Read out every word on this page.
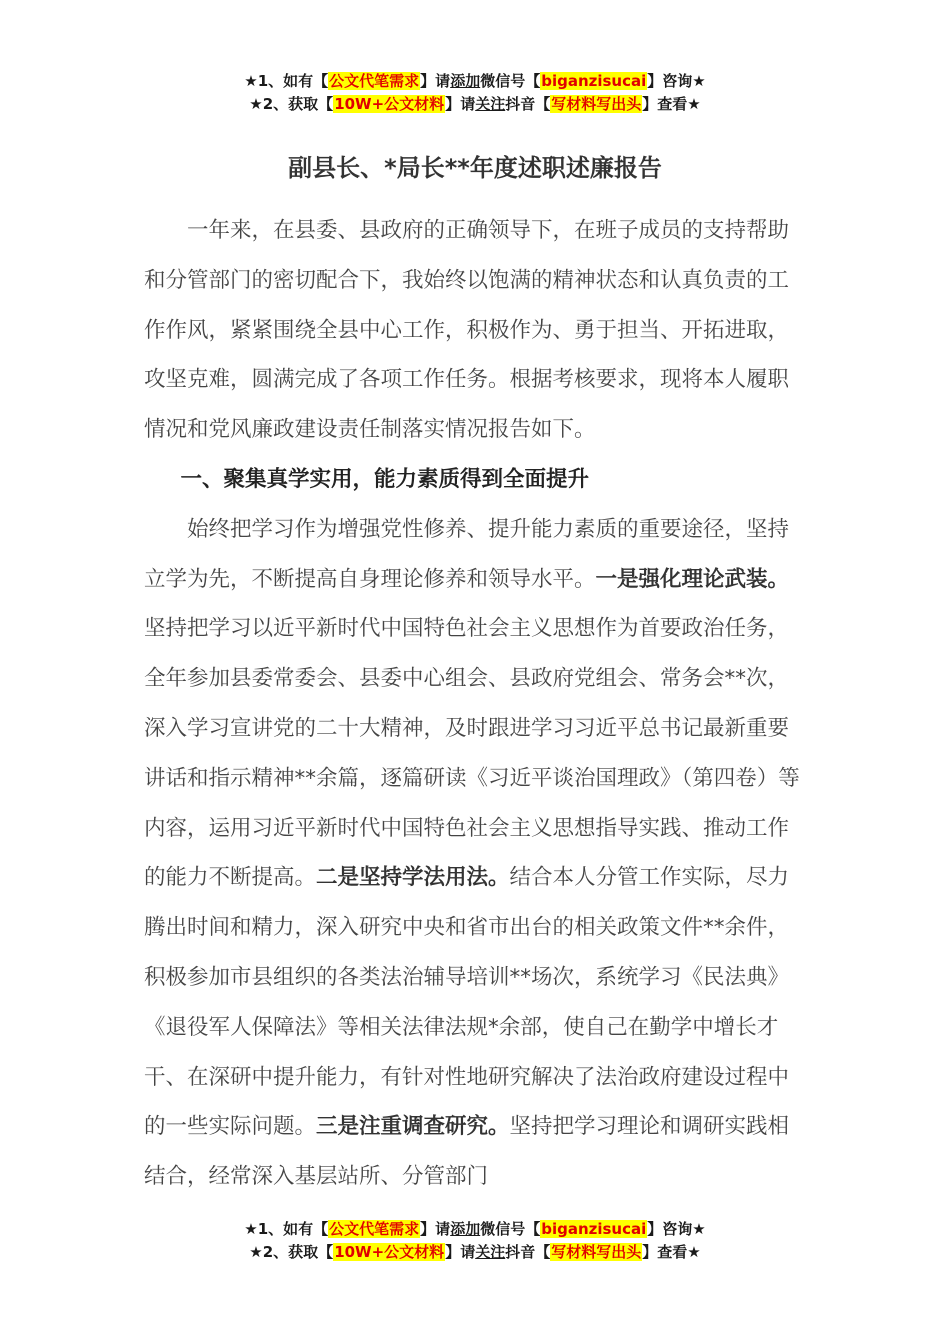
★1、如有【公文代笔需求】请添加微信号【biganzisucai】咨询★
★2、获取【10W+公文材料】请关注抖音【写材料写出头】查看★
副县长、*局长**年度述职述廉报告

一年来，在县委、县政府的正确领导下，在班子成员的支持帮助和分管部门的密切配合下，我始终以饱满的精神状态和认真负责的工作作风，紧紧围绕全县中心工作，积极作为、勇于担当、开拓进取，攻坚克难，圆满完成了各项工作任务。根据考核要求，现将本人履职情况和党风廉政建设责任制落实情况报告如下。

一、聚集真学实用，能力素质得到全面提升

始终把学习作为增强党性修养、提升能力素质的重要途径，坚持立学为先，不断提高自身理论修养和领导水平。一是强化理论武装。坚持把学习以近平新时代中国特色社会主义思想作为首要政治任务，全年参加县委常委会、县委中心组会、县政府党组会、常务会**次，深入学习宣讲党的二十大精神，及时跟进学习习近平总书记最新重要讲话和指示精神**余篇，逐篇研读《习近平谈治国理政》（第四卷）等内容，运用习近平新时代中国特色社会主义思想指导实践、推动工作的能力不断提高。二是坚持学法用法。结合本人分管工作实际，尽力腾出时间和精力，深入研究中央和省市出台的相关政策文件**余件，积极参加市县组织的各类法治辅导培训**场次，系统学习《民法典》《退役军人保障法》等相关法律法规*余部，使自己在勤学中增长才干、在深研中提升能力，有针对性地研究解决了法治政府建设过程中的一些实际问题。三是注重调查研究。坚持把学习理论和调研实践相结合，经常深入基层站所、分管部门

★1、如有【公文代笔需求】请添加微信号【biganzisucai】咨询★
★2、获取【10W+公文材料】请关注抖音【写材料写出头】查看★
